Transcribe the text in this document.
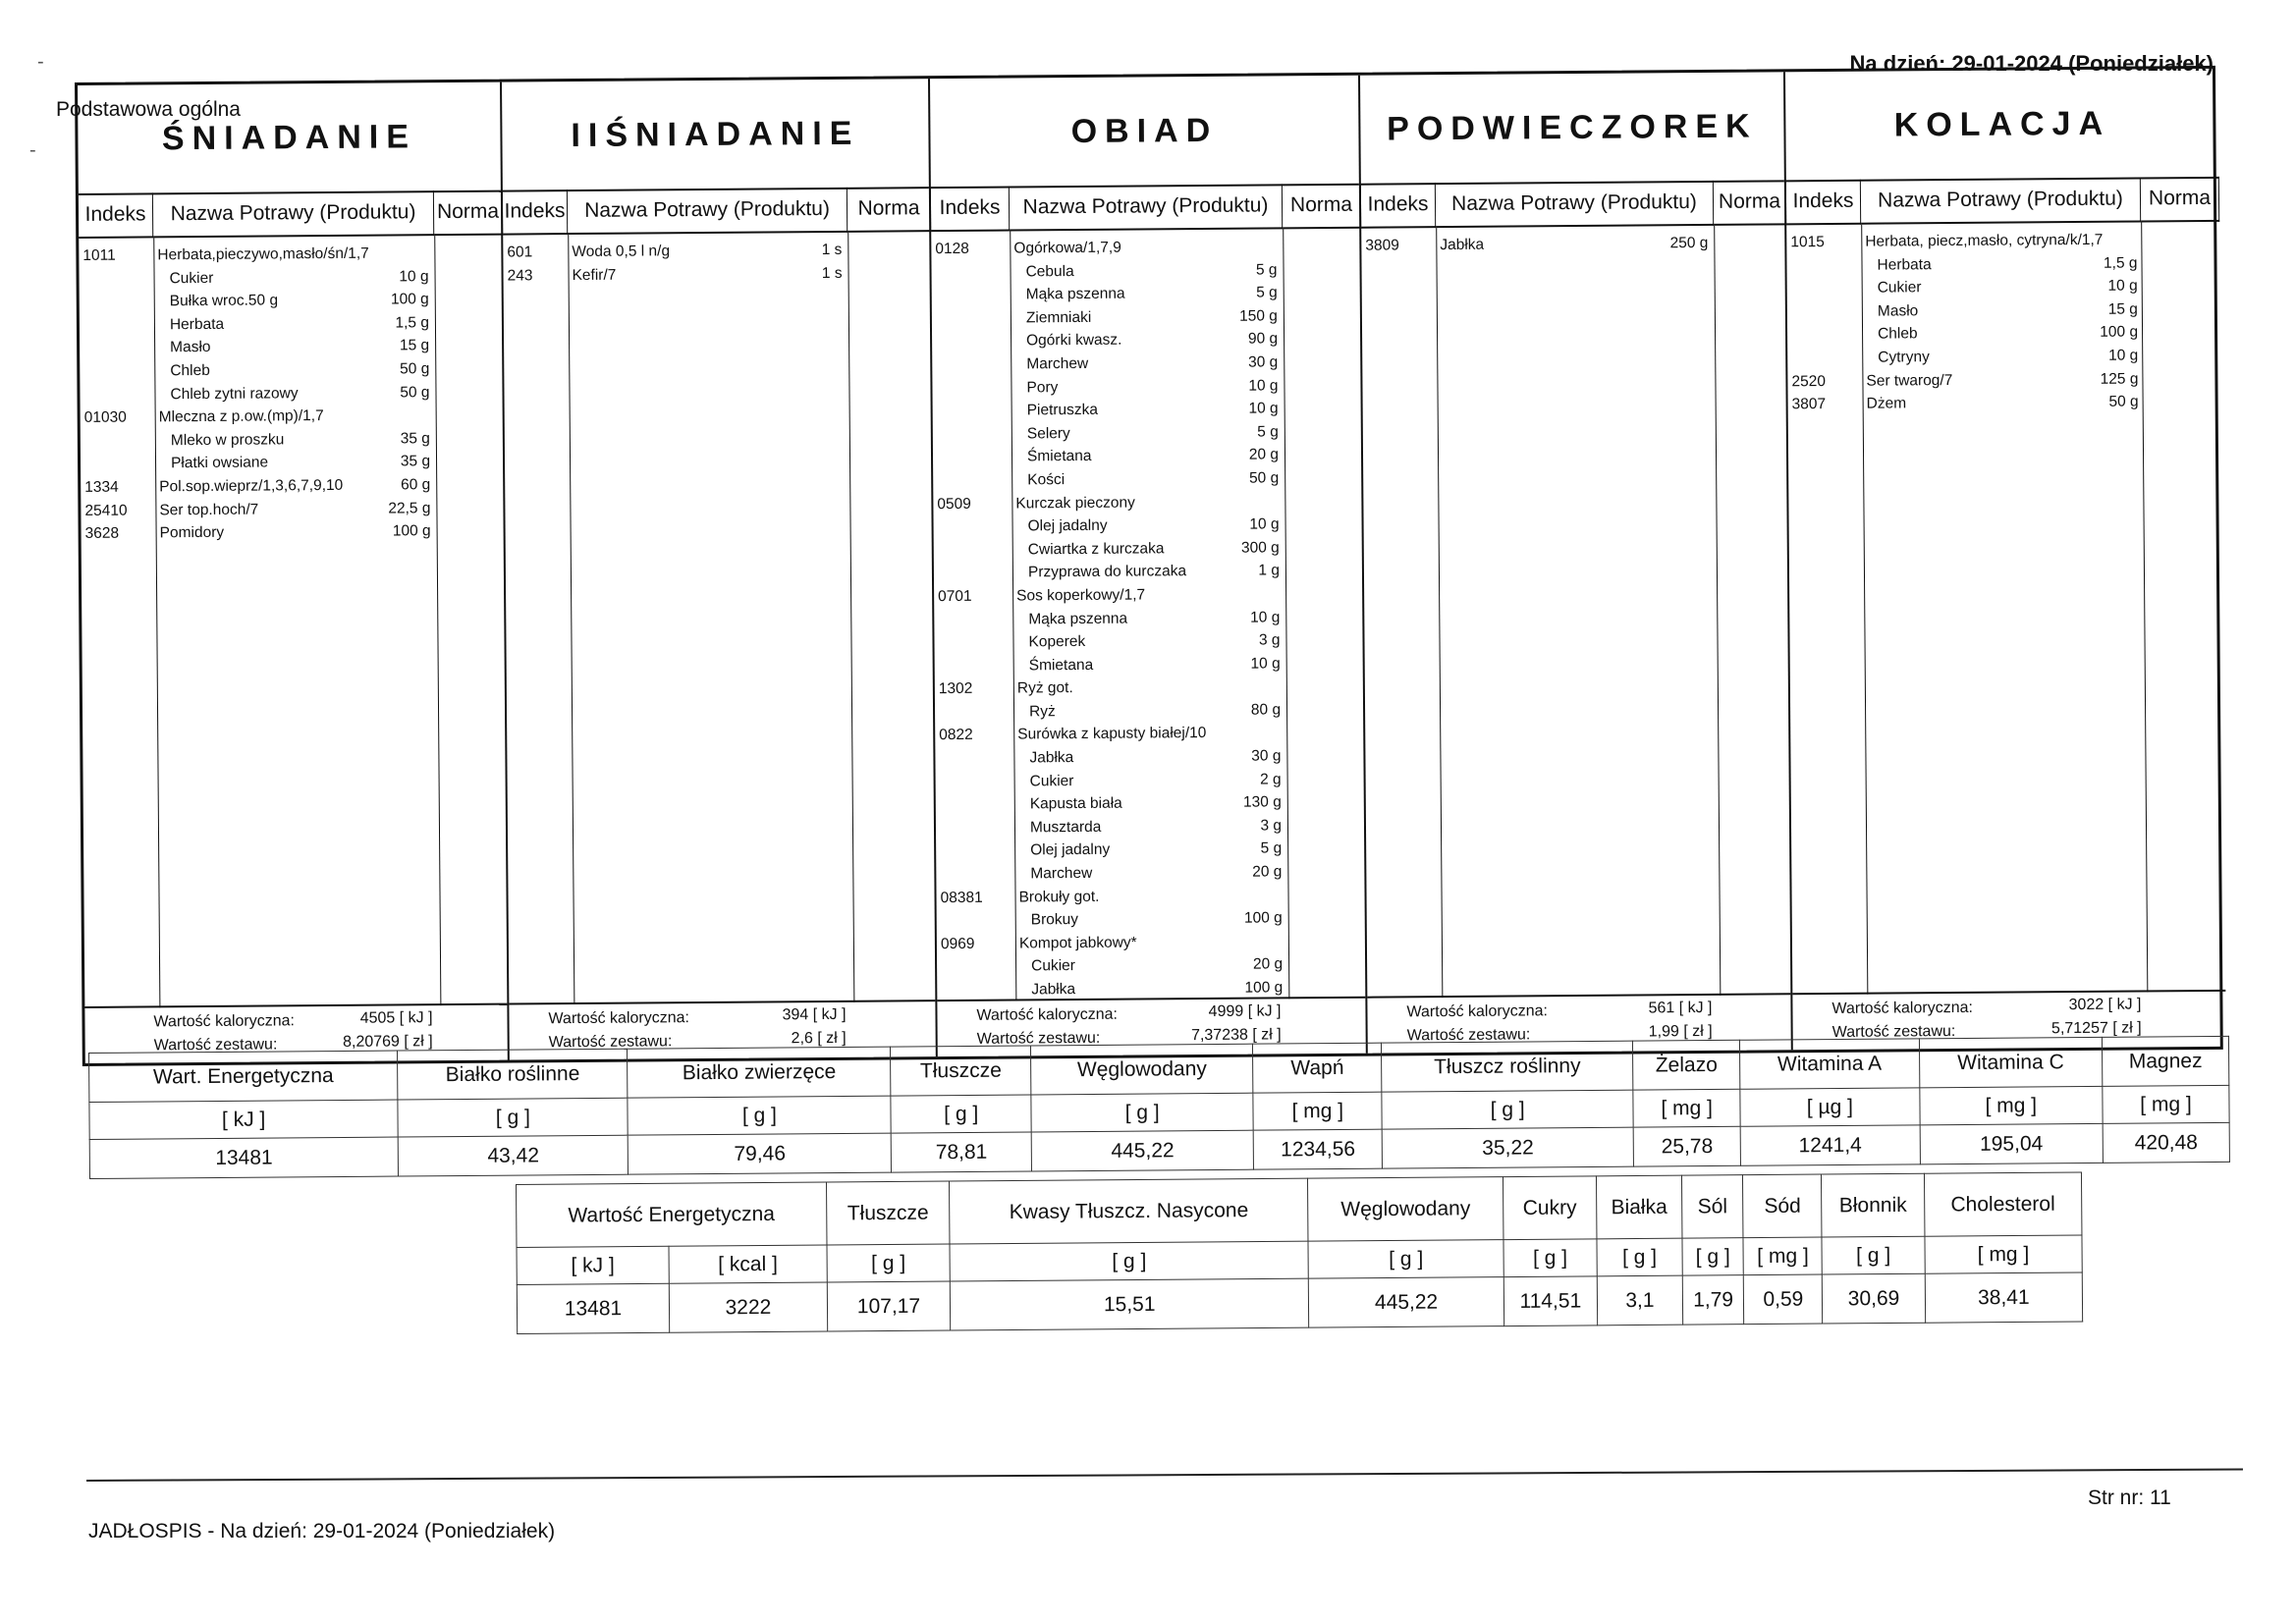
-
-
Na dzień: 29-01-2024 (Poniedziałek)
Podstawowa ogólna
ŚNIADANIE
Indeks	Nazwa Potrawy (Produktu)	Norma
1011	Herbata,pieczywo,masło/śn/1,7
Cukier	10 g
Bułka wroc.50 g	100 g
Herbata	1,5 g
Masło	15 g
Chleb	50 g
Chleb zytni razowy	50 g
01030 Mleczna z p.ow.(mp)/1,7
Mleko w proszku	35 g
Płatki owsiane	35 g
1334	Pol.sop.wieprz/1,3,6,7,9,10	60 g
25410 Ser top.hoch/7	22,5 g
3628	Pomidory	100 g
Wartość kaloryczna:	4505 [ kJ ]
Wartość zestawu:	8,20769 [ zł ]
IIŚNIADANIE
Indeks Nazwa Potrawy (Produktu)	Norma
601	Woda 0,5 l n/g	1 s
243	Kefir/7	1 s
Wartość kaloryczna:	394 [ kJ ]
Wartość zestawu:	2,6 [ zł ]
OBIAD
Indeks	Nazwa Potrawy (Produktu)	Norma
0128	Ogórkowa/1,7,9
Cebula	5 g
Mąka pszenna	5 g
Ziemniaki	150 g
Ogórki kwasz.	90 g
Marchew	30 g
Pory	10 g
Pietruszka	10 g
Selery	5 g
Śmietana	20 g
Kości	50 g
0509	Kurczak pieczony
Olej jadalny	10 g
Cwiartka z kurczaka	300 g
Przyprawa do kurczaka	1 g
0701	Sos koperkowy/1,7
Mąka pszenna	10 g
Koperek	3 g
Śmietana	10 g
1302	Ryż got.
Ryż	80 g
0822	Surówka z kapusty białej/10
Jabłka	30 g
Cukier	2 g
Kapusta biała	130 g
Musztarda	3 g
Olej jadalny	5 g
Marchew	20 g
08381 Brokuły got.
Brokuy	100 g
0969	Kompot jabkowy*
Cukier	20 g
Jabłka	100 g
Wartość kaloryczna:	4999 [ kJ ]
Wartość zestawu:	7,37238 [ zł ]
PODWIECZOREK
Indeks	Nazwa Potrawy (Produktu)	Norma
3809	Jabłka	250 g
Wartość kaloryczna:	561 [ kJ ]
Wartość zestawu:	1,99 [ zł ]
KOLACJA
Indeks	Nazwa Potrawy (Produktu)	Norma
1015	Herbata, piecz,masło, cytryna/k/1,7
Herbata	1,5 g
Cukier	10 g
Masło	15 g
Chleb	100 g
Cytryny	10 g
2520	Ser twarog/7	125 g
3807	Dżem	50 g
Wartość kaloryczna:	3022 [ kJ ]
Wartość zestawu:	5,71257 [ zł ]
Wart. Energetyczna	Białko roślinne	Białko zwierzęce	Tłuszcze	Węglowodany	Wapń	Tłuszcz roślinny	Żelazo	Witamina A	Witamina C	Magnez
[ kJ ]	[ g ]	[ g ]	[ g ]	[ g ]	[ mg ]	[ g ]	[ mg ]	[ µg ]	[ mg ]	[ mg ]
13481	43,42	79,46	78,81	445,22	1234,56	35,22	25,78	1241,4	195,04	420,48
Wartość Energetyczna		Tłuszcze	Kwasy Tłuszcz. Nasycone	Węglowodany	Cukry	Białka	Sól	Sód	Błonnik	Cholesterol
[ kJ ]	[ kcal ]	[ g ]	[ g ]	[ g ]	[ g ]	[ g ]	[ g ]	[ mg ]	[ g ]	[ mg ]
13481	3222	107,17	15,51	445,22	114,51	3,1	1,79	0,59	30,69	38,41
Str nr: 11
JADŁOSPIS - Na dzień: 29-01-2024 (Poniedziałek)
